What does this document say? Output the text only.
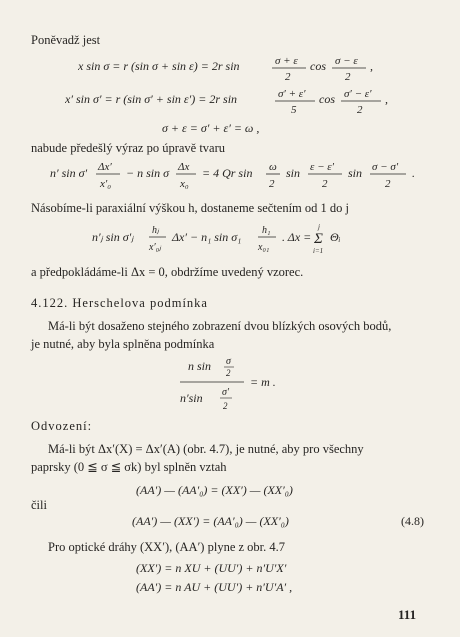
Poněvadž jest
x sin σ = r (sin σ + sin ε) = 2r sin	σ + ε
2
cos σ − ε
2
,
x′ sin σ′ = r (sin σ′ + sin ε′) = 2r sin	σ′ + ε′
5
cos σ′ − ε′
2
,
σ + ε = σ′ + ε′ = ω ,
nabude předešlý výraz po úpravě tvaru
n′ sin σ′ Δx′
x′₀
− n sin σ Δx
x₀
= 4 Qr sin ω
2
sin ε − ε′
2
sin σ − σ′
2
.
Násobíme-li paraxiální výškou h, dostaneme sečtením od 1 do j
n′ⱼ sin σ′ⱼ hⱼ
x′₀ⱼ
Δx′ − n₁ sin σ₁ h₁
x₀₁
. Δx =
j
Σ
i=1
Θᵢ
a předpokládáme-li Δx = 0, obdržíme uvedený vzorec.
4.122. Herschelova podmínka
Má-li být dosaženo stejného zobrazení dvou blízkých osových bodů,
je nutné, aby byla splněna podmínka
n sin σ
2
n′sin σ′
2
= m .
Odvození:
Má-li být Δx′(X) = Δx′(A) (obr. 4.7), je nutné, aby pro všechny
paprsky (0 ≦ σ ≦ σk) byl splněn vztah
(AA′) — (AA′₀) = (XX′) — (XX′₀)
čili
(AA′) — (XX′) = (AA′₀) — (XX′₀)	(4.8)
Pro optické dráhy (XX′), (AA′) plyne z obr. 4.7
(XX′) = n XU + (UU′) + n′U′X′
(AA′) = n AU + (UU′) + n′U′A′ ,
111
